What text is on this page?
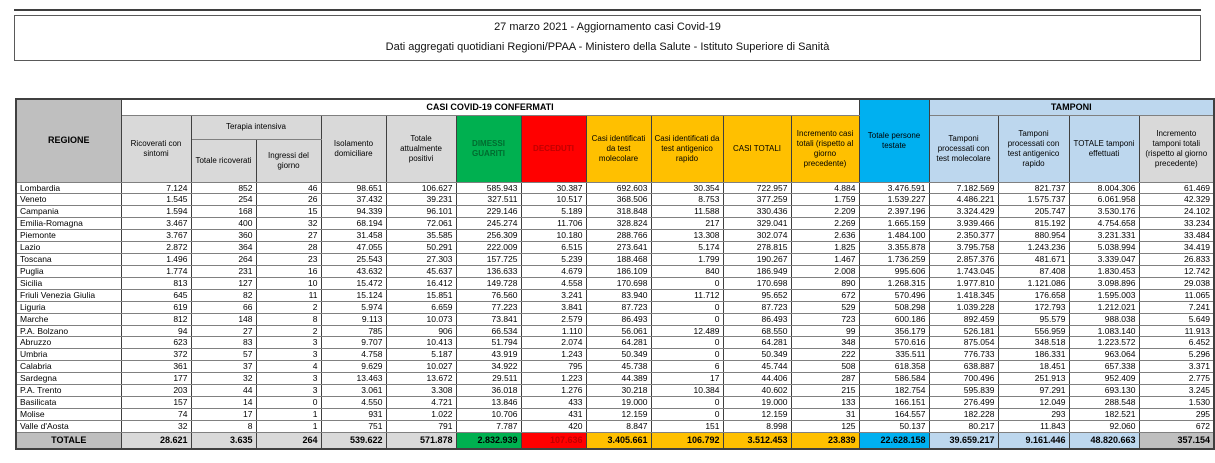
27 marzo 2021 - Aggiornamento casi Covid-19
Dati aggregati quotidiani Regioni/PPAA - Ministero della Salute - Istituto Superiore di Sanità
REGIONE	CASI COVID-19 CONFERMATI											Totale persone testate	TAMPONI			
	Ricoverati con sintomi	Terapia intensiva		Isolamento domiciliare	Totale attualmente positivi	DIMESSI GUARITI	DECEDUTI	Casi identificati da test molecolare	Casi identificati da test antigenico rapido	CASI TOTALI	Incremento casi totali (rispetto al giorno precedente)		Tamponi processati con test molecolare	Tamponi processati con test antigenico rapido	TOTALE tamponi effettuati	Incremento tamponi totali (rispetto al giorno precedente)
		Totale ricoverati	Ingressi del giorno													
Lombardia	7.124	852	46	98.651	106.627	585.943	30.387	692.603	30.354	722.957	4.884	3.476.591	7.182.569	821.737	8.004.306	61.469
Veneto	1.545	254	26	37.432	39.231	327.511	10.517	368.506	8.753	377.259	1.759	1.539.227	4.486.221	1.575.737	6.061.958	42.329
Campania	1.594	168	15	94.339	96.101	229.146	5.189	318.848	11.588	330.436	2.209	2.397.196	3.324.429	205.747	3.530.176	24.102
Emilia-Romagna	3.467	400	32	68.194	72.061	245.274	11.706	328.824	217	329.041	2.269	1.665.159	3.939.466	815.192	4.754.658	33.234
Piemonte	3.767	360	27	31.458	35.585	256.309	10.180	288.766	13.308	302.074	2.636	1.484.100	2.350.377	880.954	3.231.331	33.484
Lazio	2.872	364	28	47.055	50.291	222.009	6.515	273.641	5.174	278.815	1.825	3.355.878	3.795.758	1.243.236	5.038.994	34.419
Toscana	1.496	264	23	25.543	27.303	157.725	5.239	188.468	1.799	190.267	1.467	1.736.259	2.857.376	481.671	3.339.047	26.833
Puglia	1.774	231	16	43.632	45.637	136.633	4.679	186.109	840	186.949	2.008	995.606	1.743.045	87.408	1.830.453	12.742
Sicilia	813	127	10	15.472	16.412	149.728	4.558	170.698	0	170.698	890	1.268.315	1.977.810	1.121.086	3.098.896	29.038
Friuli Venezia Giulia	645	82	11	15.124	15.851	76.560	3.241	83.940	11.712	95.652	672	570.496	1.418.345	176.658	1.595.003	11.065
Liguria	619	66	2	5.974	6.659	77.223	3.841	87.723	0	87.723	529	508.298	1.039.228	172.793	1.212.021	7.241
Marche	812	148	8	9.113	10.073	73.841	2.579	86.493	0	86.493	723	600.186	892.459	95.579	988.038	5.649
P.A. Bolzano	94	27	2	785	906	66.534	1.110	56.061	12.489	68.550	99	356.179	526.181	556.959	1.083.140	11.913
Abruzzo	623	83	3	9.707	10.413	51.794	2.074	64.281	0	64.281	348	570.616	875.054	348.518	1.223.572	6.452
Umbria	372	57	3	4.758	5.187	43.919	1.243	50.349	0	50.349	222	335.511	776.733	186.331	963.064	5.296
Calabria	361	37	4	9.629	10.027	34.922	795	45.738	6	45.744	508	618.358	638.887	18.451	657.338	3.371
Sardegna	177	32	3	13.463	13.672	29.511	1.223	44.389	17	44.406	287	586.584	700.496	251.913	952.409	2.775
P.A. Trento	203	44	3	3.061	3.308	36.018	1.276	30.218	10.384	40.602	215	182.754	595.839	97.291	693.130	3.245
Basilicata	157	14	0	4.550	4.721	13.846	433	19.000	0	19.000	133	166.151	276.499	12.049	288.548	1.530
Molise	74	17	1	931	1.022	10.706	431	12.159	0	12.159	31	164.557	182.228	293	182.521	295
Valle d'Aosta	32	8	1	751	791	7.787	420	8.847	151	8.998	125	50.137	80.217	11.843	92.060	672
TOTALE	28.621	3.635	264	539.622	571.878	2.832.939	107.636	3.405.661	106.792	3.512.453	23.839	22.628.158	39.659.217	9.161.446	48.820.663	357.154
